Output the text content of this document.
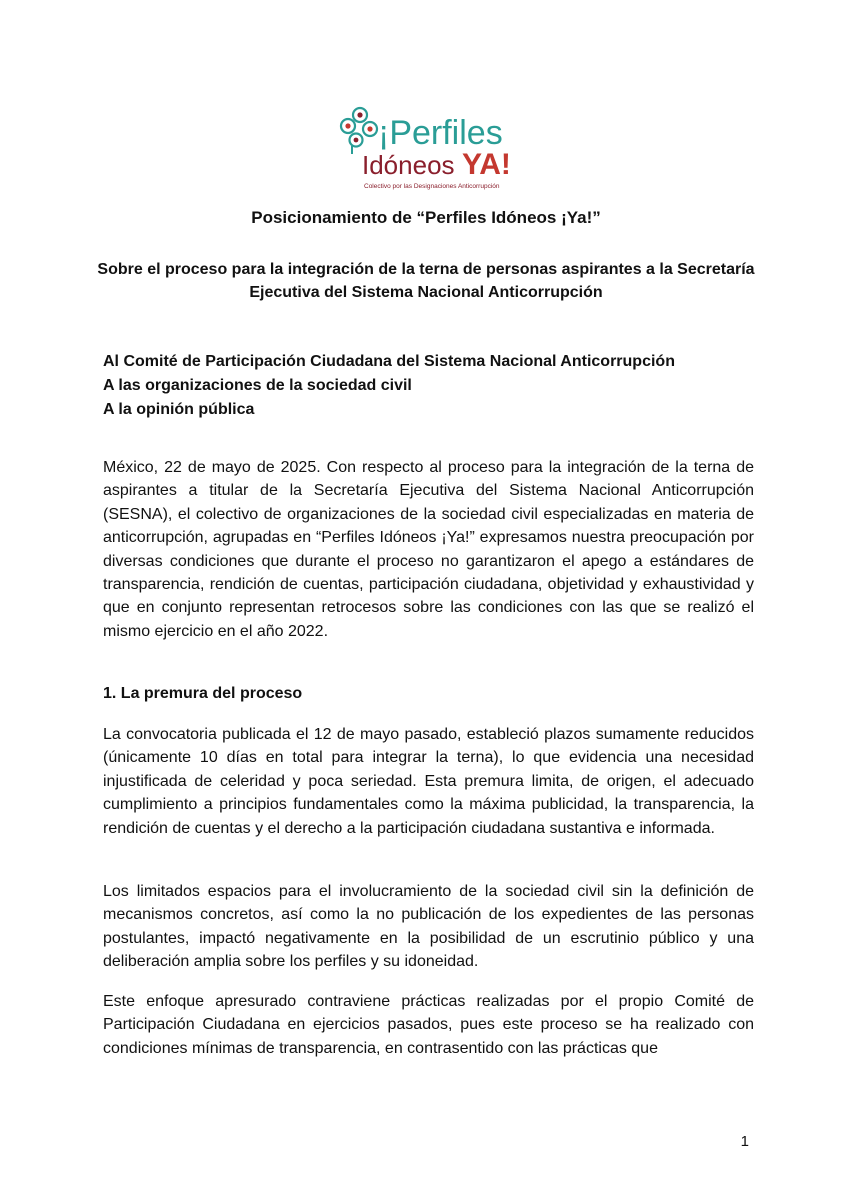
¡Perfiles
Idóneos YA!
Colectivo por las Designaciones Anticorrupción
Posicionamiento de “Perfiles Idóneos ¡Ya!”
Sobre el proceso para la integración de la terna de personas aspirantes a la Secretaría Ejecutiva del Sistema Nacional Anticorrupción
Al Comité de Participación Ciudadana del Sistema Nacional Anticorrupción
A las organizaciones de la sociedad civil
A la opinión pública

México, 22 de mayo de 2025. Con respecto al proceso para la integración de la terna de aspirantes a titular de la Secretaría Ejecutiva del Sistema Nacional Anticorrupción (SESNA), el colectivo de organizaciones de la sociedad civil especializadas en materia de anticorrupción, agrupadas en “Perfiles Idóneos ¡Ya!” expresamos nuestra preocupación por diversas condiciones que durante el proceso no garantizaron el apego a estándares de transparencia, rendición de cuentas, participación ciudadana, objetividad y exhaustividad y que en conjunto representan retrocesos sobre las condiciones con las que se realizó el mismo ejercicio en el año 2022.

1. La premura del proceso

La convocatoria publicada el 12 de mayo pasado, estableció plazos sumamente reducidos (únicamente 10 días en total para integrar la terna), lo que evidencia una necesidad injustificada de celeridad y poca seriedad. Esta premura limita, de origen, el adecuado cumplimiento a principios fundamentales como la máxima publicidad, la transparencia, la rendición de cuentas y el derecho a la participación ciudadana sustantiva e informada.

Los limitados espacios para el involucramiento de la sociedad civil sin la definición de mecanismos concretos, así como la no publicación de los expedientes de las personas postulantes, impactó negativamente en la posibilidad de un escrutinio público y una deliberación amplia sobre los perfiles y su idoneidad.

Este enfoque apresurado contraviene prácticas realizadas por el propio Comité de Participación Ciudadana en ejercicios pasados, pues este proceso se ha realizado con condiciones mínimas de transparencia, en contrasentido con las prácticas que

1
